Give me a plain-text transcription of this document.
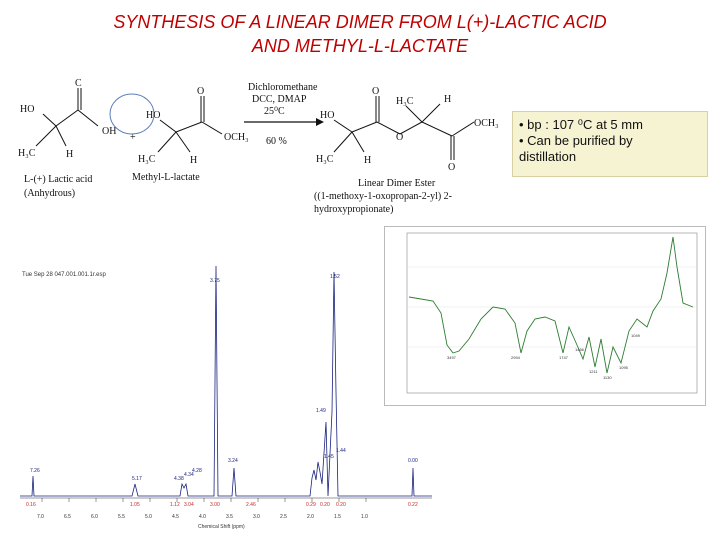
SYNTHESIS OF A LINEAR DIMER FROM L(+)-LACTIC ACID
AND METHYL-L-LACTATE
C
HO
OH
H₃C	H
L-(+) Lactic acid
(Anhydrous)
+
O
HO
OCH₃
H₃C	H
Methyl-L-lactate
Dichloromethane
DCC, DMAP
25⁰C
60 %
O
HO
H₃C	H
OCH₃
O
O
H₃C	H
Linear Dimer Ester
((1-methoxy-1-oxopropan-2-yl) 2-
hydroxypropionate)
• bp : 107 ⁰C at 5 mm
• Can be purified by
distillation
3497	2994	1747
1456
1211
1130
1095
1049
Tue Sep 28 047.001.001.1r.esp
7.26
5.17	4.38
4.34
4.28
3.75
3.24
1.52
1.49
1.45
1.44
0.00
0.16	1.05	1.12 3.04	3.00	2.46	0.29 0.20 0.20	0.22
7.0	6.5	6.0	5.5	5.0	4.5	4.0	3.5	3.0	2.5	2.0	1.5	1.0
Chemical Shift (ppm)
